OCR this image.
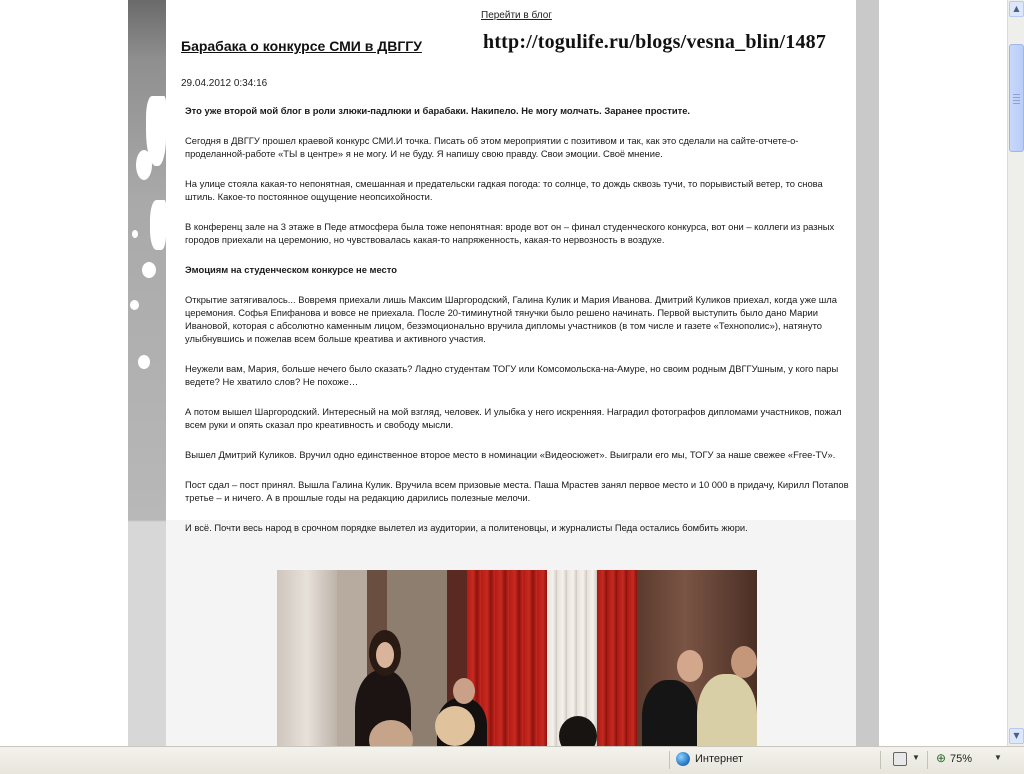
Перейти в блог
Барабака о конкурсе СМИ в ДВГГУ	http://togulife.ru/blogs/vesna_blin/1487
29.04.2012 0:34:16

Это уже второй мой блог в роли злюки-падлюки и барабаки. Накипело. Не могу молчать. Заранее простите.

Сегодня в ДВГГУ прошел краевой конкурс СМИ.И точка. Писать об этом мероприятии с позитивом и так, как это сделали на сайте-отчете-о-проделанной-работе «ТЫ в центре» я не могу. И не буду. Я напишу свою правду. Свои эмоции. Своё мнение.

На улице стояла какая-то непонятная, смешанная и предательски гадкая погода: то солнце, то дождь сквозь тучи, то порывистый ветер, то снова штиль. Какое-то постоянное ощущение неопсихойности.

В конференц зале на 3 этаже в Педе атмосфера была тоже непонятная: вроде вот он – финал студенческого конкурса, вот они – коллеги из разных городов приехали на церемонию, но чувствовалась какая-то напряженность, какая-то нервозность в воздухе.

Эмоциям на студенческом конкурсе не место

Открытие затягивалось... Вовремя приехали лишь Максим Шаргородский, Галина Кулик и Мария Иванова. Дмитрий Куликов приехал, когда уже шла церемония. Софья Епифанова и вовсе не приехала. После 20-тиминутной тянучки было решено начинать. Первой выступить было дано Марии Ивановой, которая с абсолютно каменным лицом, безэмоционально вручила дипломы участников (в том числе и газете «Технополис»), натянуто улыбнувшись и пожелав всем больше креатива и активного участия.

Неужели вам, Мария, больше нечего было сказать? Ладно студентам ТОГУ или Комсомольска-на-Амуре, но своим родным ДВГГУшным, у кого пары ведете? Не хватило слов? Не похоже…

А потом вышел Шаргородский. Интересный на мой взгляд, человек. И улыбка у него искренняя. Наградил фотографов дипломами участников, пожал всем руки и опять сказал про креативность и свободу мысли.

Вышел Дмитрий Куликов. Вручил одно единственное второе место в номинации «Видеосюжет». Выиграли его мы, ТОГУ за наше свежее «Free-TV».

Пост сдал – пост принял. Вышла Галина Кулик. Вручила всем призовые места. Паша Мрастев занял первое место и 10 000 в придачу, Кирилл Потапов третье – и ничего. А в прошлые годы на редакцию дарились полезные мелочи.

И всё. Почти весь народ в срочном порядке вылетел из аудитории, а политеновцы, и журналисты Педа остались бомбить жюри.

▲
▼
Интернет	▼ ⊕ 75%	▼
